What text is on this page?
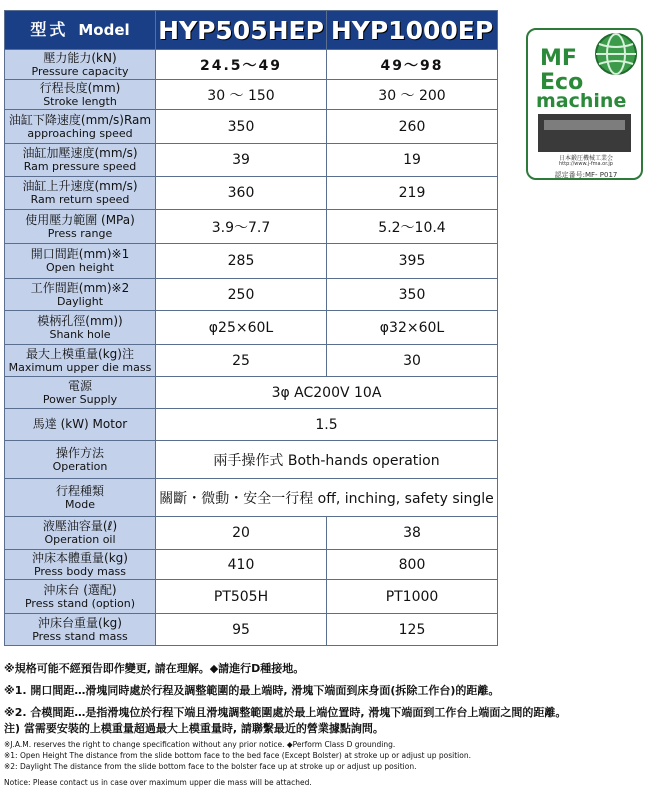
型式 Model	HYP505HEP	HYP1000EP

壓力能力(kN)
Pressure capacity	24.5～49	49～98

行程長度(mm)
Stroke length	30 ～ 150	30 ～ 200

油缸下降速度(mm/s)Ram
approaching speed	350	260

油缸加壓速度(mm/s)
Ram pressure speed	39	19

油缸上升速度(mm/s)
Ram return speed	360	219

使用壓力範圍 (MPa)
Press range	3.9～7.7	5.2～10.4

開口間距(mm)※1
Open height	285	395

工作間距(mm)※2
Daylight	250	350

模柄孔徑(mm))
Shank hole	φ25×60L	φ32×60L

最大上模重量(kg)注
Maximum upper die mass	25	30

電源
Power Supply	3φ AC200V 10A	

馬達 (kW) Motor	1.5	

操作方法
Operation	兩手操作式 Both-hands operation	

行程種類
Mode	關斷・微動・安全一行程 off, inching, safety single	

液壓油容量(ℓ)
Operation oil	20	38

沖床本體重量(kg)
Press body mass	410	800

沖床台 (選配)
Press stand (option)	PT505H	PT1000

沖床台重量(kg)
Press stand mass	95	125
MF
Eco
machine
日本鍛圧機械工業会
http://www.j-fma.or.jp
認定番号:MF- P017

※規格可能不經預告即作變更, 請在理解。◆請進行D種接地。

※1. 開口間距…滑塊同時處於行程及調整範圍的最上端時, 滑塊下端面到床身面(拆除工作台)的距離。

※2. 合模間距…是指滑塊位於行程下端且滑塊調整範圍處於最上端位置時, 滑塊下端面到工作台上端面之間的距離。

注) 當需要安裝的上模重量超過最大上模重量時, 請聯繫最近的營業據點詢問。

※J.A.M. reserves the right to change specification without any prior notice. ◆Perform Class D grounding.

※1: Open Height The distance from the slide bottom face to the bed face (Except Bolster) at stroke up or adjust up position.

※2: Daylight The distance from the slide bottom face to the bolster face up at stroke up or adjust up position.

Notice: Please contact us in case over maximum upper die mass will be attached.
